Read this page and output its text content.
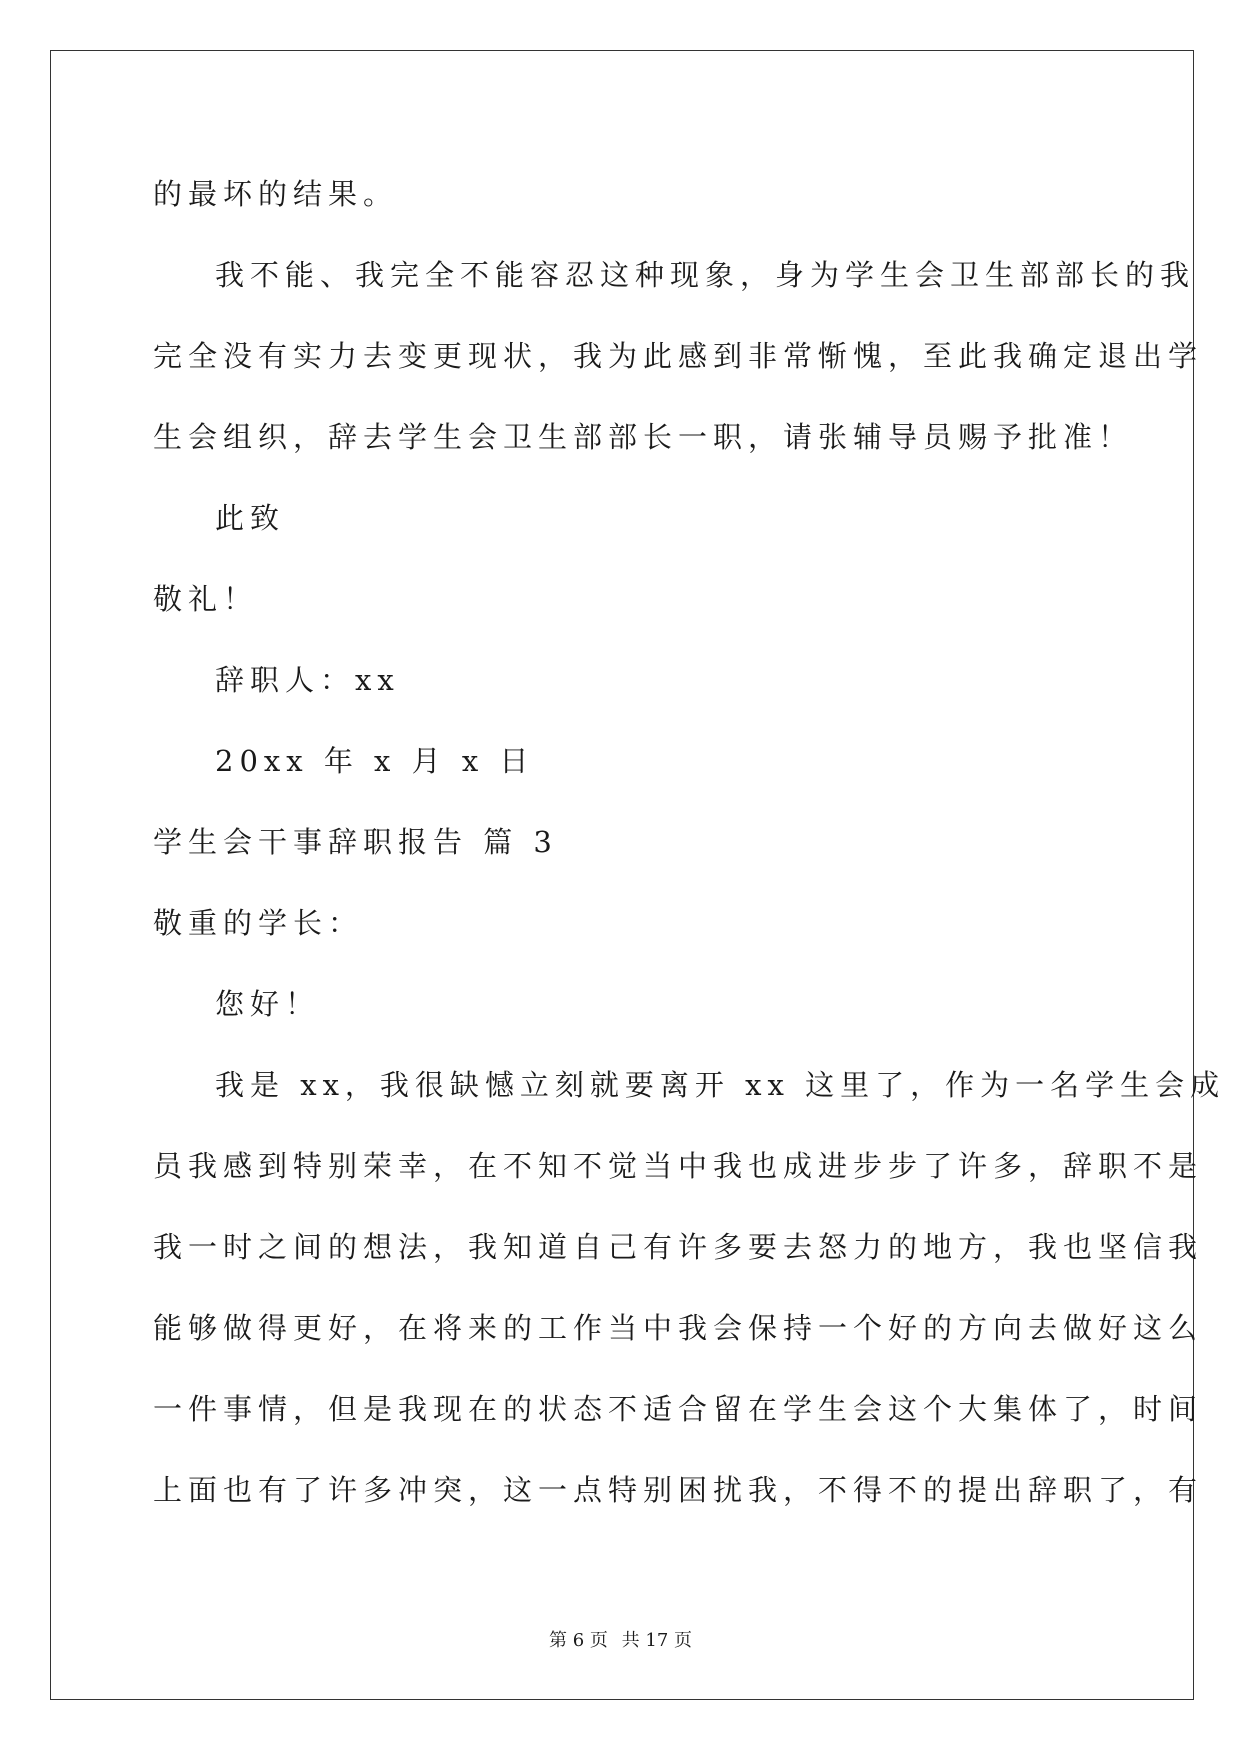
的最坏的结果。

我不能、我完全不能容忍这种现象，身为学生会卫生部部长的我

完全没有实力去变更现状，我为此感到非常惭愧，至此我确定退出学

生会组织，辞去学生会卫生部部长一职，请张辅导员赐予批准！

此致

敬礼！

辞职人：xx

20xx 年 x 月 x 日

学生会干事辞职报告 篇 3

敬重的学长：

您好！

我是 xx，我很缺憾立刻就要离开 xx 这里了，作为一名学生会成

员我感到特别荣幸，在不知不觉当中我也成进步步了许多，辞职不是

我一时之间的想法，我知道自己有许多要去怒力的地方，我也坚信我

能够做得更好，在将来的工作当中我会保持一个好的方向去做好这么

一件事情，但是我现在的状态不适合留在学生会这个大集体了，时间

上面也有了许多冲突，这一点特别困扰我，不得不的提出辞职了，有

第 6 页 共 17 页
